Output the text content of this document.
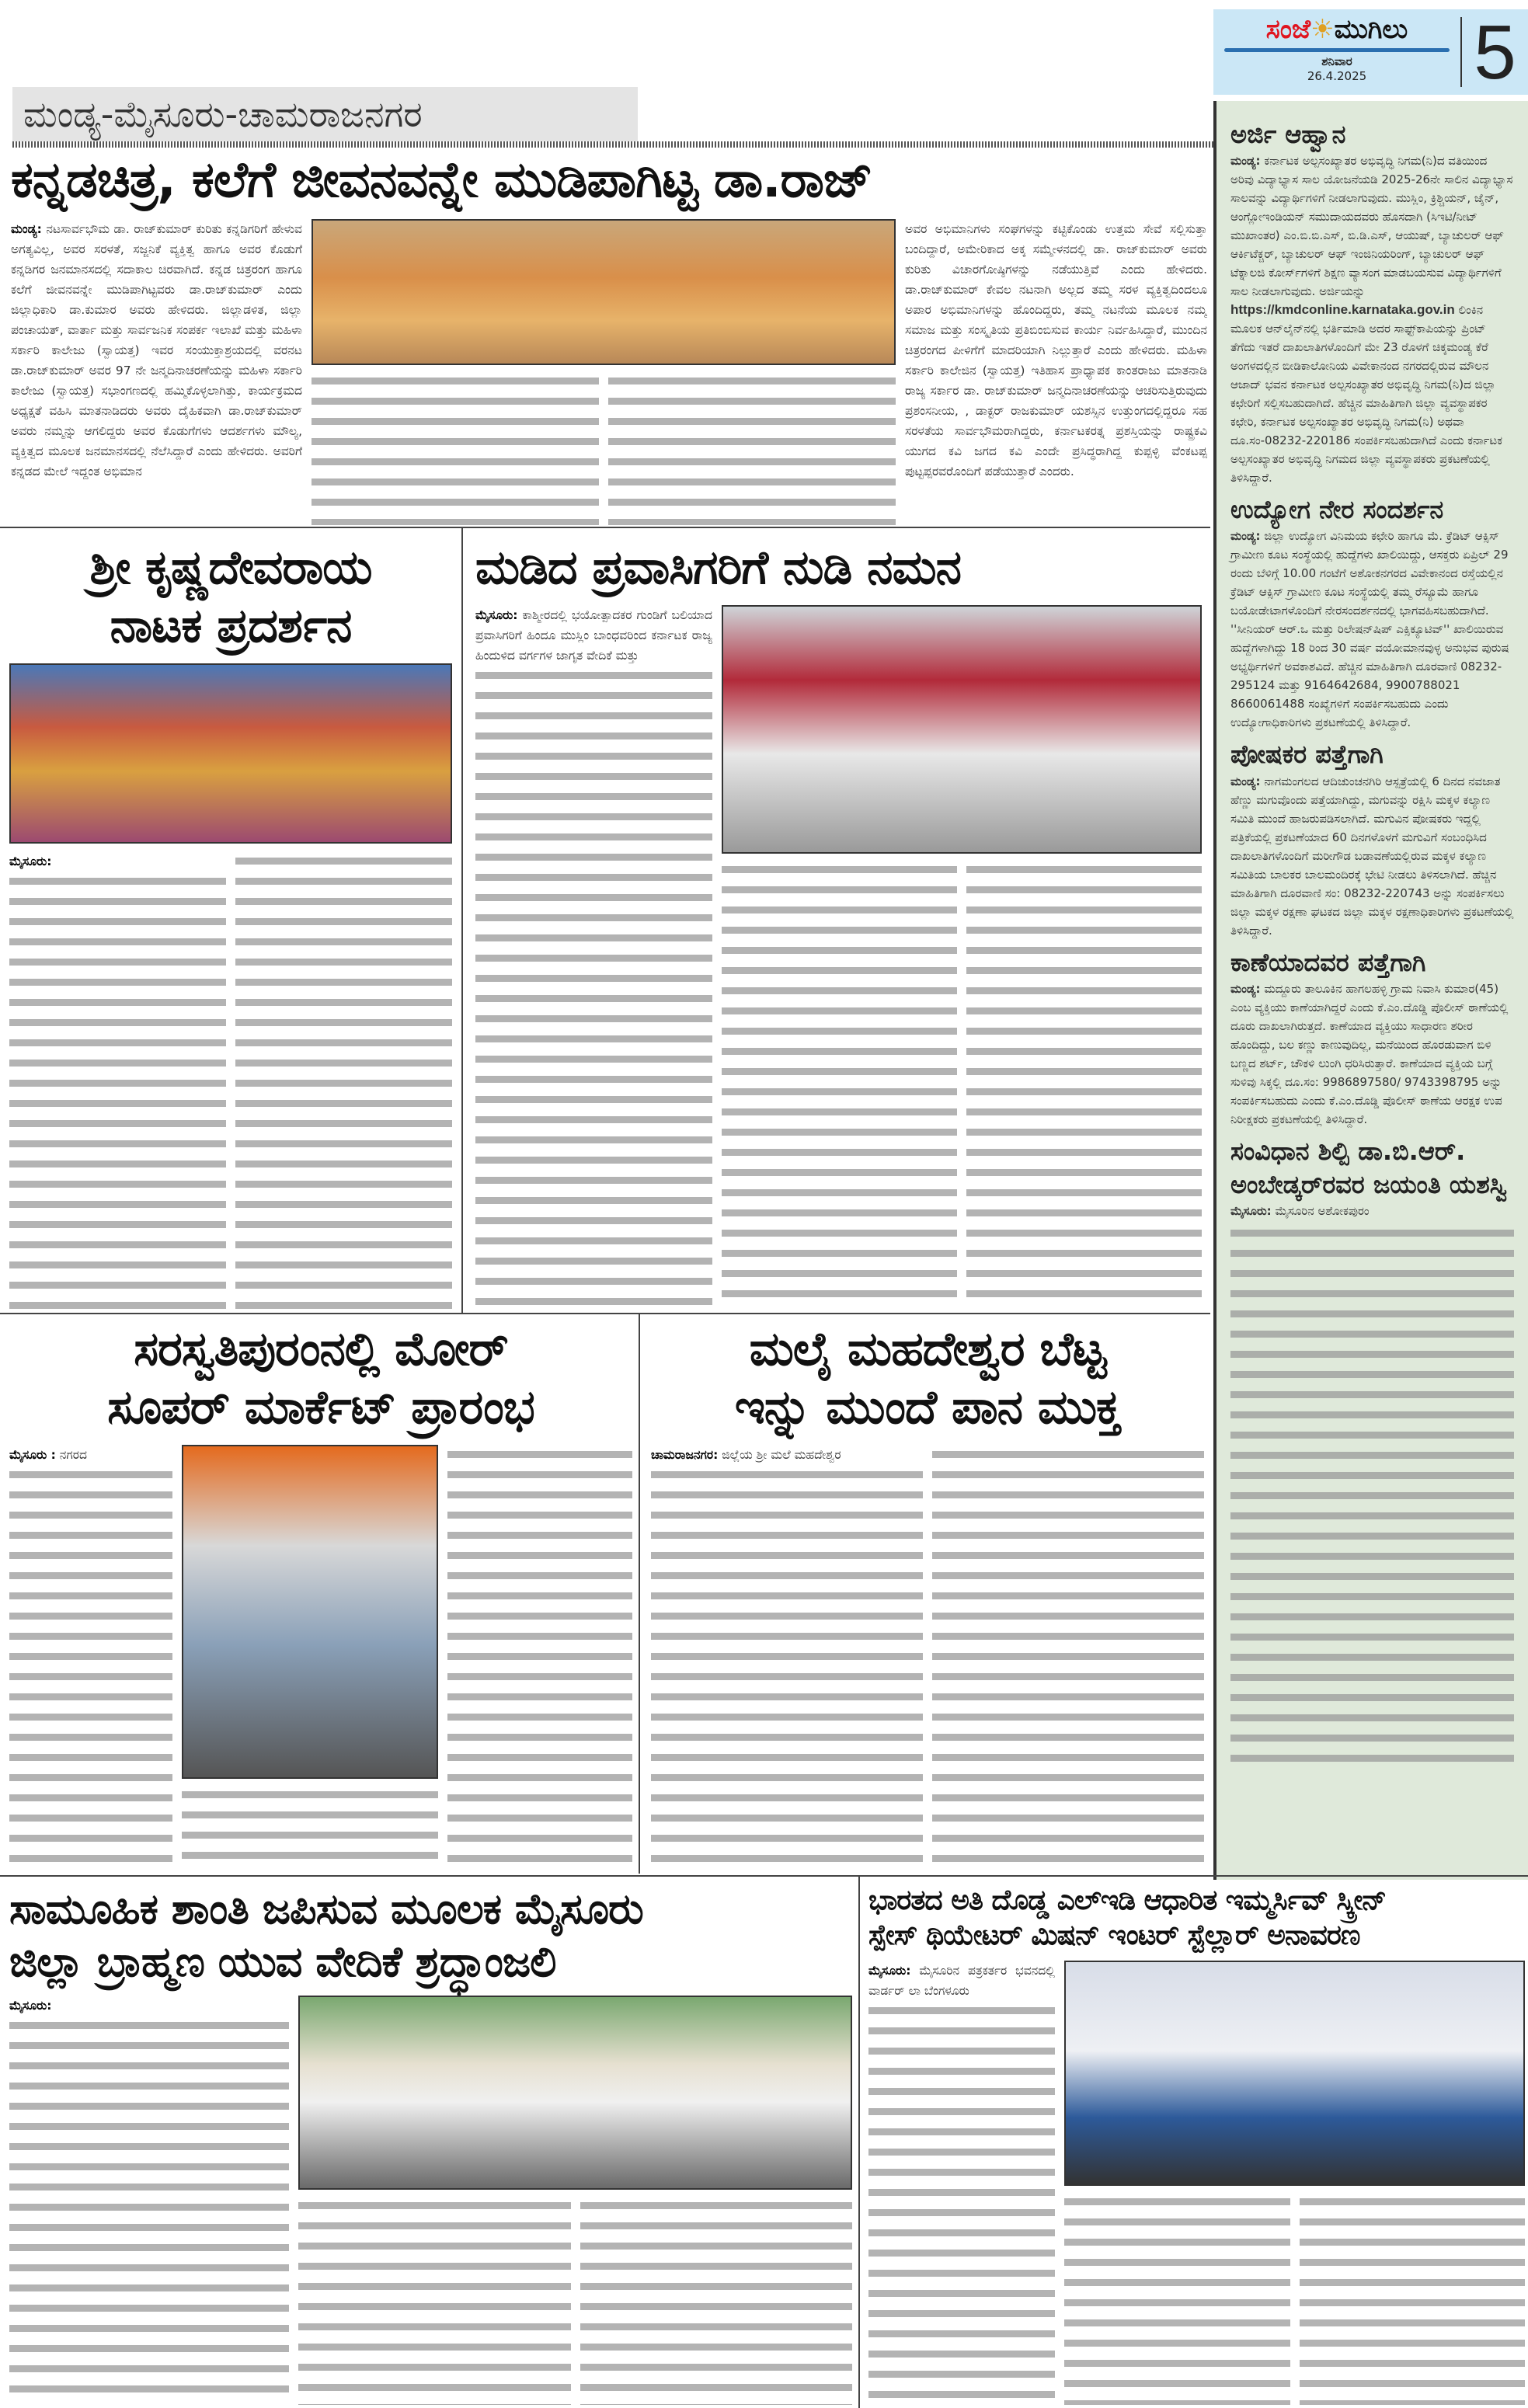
ಮಂಡ್ಯ-ಮೈಸೂರು-ಚಾಮರಾಜನಗರ
ಸಂಜೆ☀ಮುಗಿಲು
ಶನಿವಾರ
26.4.2025 5
ಕನ್ನಡಚಿತ್ರ, ಕಲೆಗೆ ಜೀವನವನ್ನೇ ಮುಡಿಪಾಗಿಟ್ಟ ಡಾ.ರಾಜ್
ಮಂಡ್ಯ: ನಟಸಾರ್ವಭೌಮ ಡಾ. ರಾಜ್‌ಕುಮಾರ್ ಕುರಿತು ಕನ್ನಡಿಗರಿಗೆ ಹೇಳುವ ಅಗತ್ಯವಿಲ್ಲ, ಅವರ ಸರಳತೆ, ಸಜ್ಜನಿಕೆ ವ್ಯಕ್ತಿತ್ವ ಹಾಗೂ ಅವರ ಕೊಡುಗೆ ಕನ್ನಡಿಗರ ಜನಮಾನಸದಲ್ಲಿ ಸದಾಕಾಲ ಚಿರವಾಗಿದೆ. ಕನ್ನಡ ಚಿತ್ರರಂಗ ಹಾಗೂ ಕಲೆಗೆ ಜೀವನವನ್ನೇ ಮುಡಿಪಾಗಿಟ್ಟವರು ಡಾ.ರಾಜ್‌ಕುಮಾರ್ ಎಂದು ಜಿಲ್ಲಾಧಿಕಾರಿ ಡಾ.ಕುಮಾರ ಅವರು ಹೇಳಿದರು. ಜಿಲ್ಲಾಡಳಿತ, ಜಿಲ್ಲಾ ಪಂಚಾಯತ್, ವಾರ್ತಾ ಮತ್ತು ಸಾರ್ವಜನಿಕ ಸಂಪರ್ಕ ಇಲಾಖೆ ಮತ್ತು ಮಹಿಳಾ ಸರ್ಕಾರಿ ಕಾಲೇಜು (ಸ್ವಾಯತ್ತ) ಇವರ ಸಂಯುಕ್ತಾಶ್ರಯದಲ್ಲಿ ವರನಟ ಡಾ.ರಾಜ್‌ಕುಮಾರ್ ಅವರ 97 ನೇ ಜನ್ಮದಿನಾಚರಣೆಯನ್ನು ಮಹಿಳಾ ಸರ್ಕಾರಿ ಕಾಲೇಜು (ಸ್ವಾಯತ್ತ) ಸಭಾಂಗಣದಲ್ಲಿ ಹಮ್ಮಿಕೊಳ್ಳಲಾಗಿತ್ತು, ಕಾರ್ಯಕ್ರಮದ ಅಧ್ಯಕ್ಷತೆ ವಹಿಸಿ ಮಾತನಾಡಿದರು ಅವರು ದೈಹಿಕವಾಗಿ ಡಾ.ರಾಜ್‌ಕುಮಾರ್ ಅವರು ನಮ್ಮನ್ನು ಆಗಲಿದ್ದರು ಅವರ ಕೊಡುಗೆಗಳು ಆದರ್ಶಗಳು ಮೌಲ್ಯ, ವ್ಯಕ್ತಿತ್ವದ ಮೂಲಕ ಜನಮಾನಸದಲ್ಲಿ ನೆಲೆಸಿದ್ದಾರೆ ಎಂದು ಹೇಳಿದರು. ಅವರಿಗೆ ಕನ್ನಡದ ಮೇಲೆ ಇದ್ದಂತ ಅಭಿಮಾನ
ಅವರ ಅಭಿಮಾನಿಗಳು ಸಂಘಗಳನ್ನು ಕಟ್ಟಿಕೊಂಡು ಉತ್ತಮ ಸೇವೆ ಸಲ್ಲಿಸುತ್ತಾ ಬಂದಿದ್ದಾರೆ, ಅಮೇರಿಕಾದ ಅಕ್ಕ ಸಮ್ಮೇಳನದಲ್ಲಿ ಡಾ. ರಾಜ್‌ಕುಮಾರ್ ಅವರು ಕುರಿತು ವಿಚಾರಗೋಷ್ಠಿಗಳನ್ನು ನಡೆಯುತ್ತಿವೆ ಎಂದು ಹೇಳಿದರು. ಡಾ.ರಾಜ್‌ಕುಮಾರ್ ಕೇವಲ ನಟನಾಗಿ ಅಲ್ಲದ ತಮ್ಮ ಸರಳ ವ್ಯಕ್ತಿತ್ವದಿಂದಲೂ ಅಪಾರ ಅಭಿಮಾನಿಗಳನ್ನು ಹೊಂದಿದ್ದರು, ತಮ್ಮ ನಟನೆಯ ಮೂಲಕ ನಮ್ಮ ಸಮಾಜ ಮತ್ತು ಸಂಸ್ಕೃತಿಯ ಪ್ರತಿಬಿಂಬಿಸುವ ಕಾರ್ಯ ನಿರ್ವಹಿಸಿದ್ದಾರೆ, ಮುಂದಿನ ಚಿತ್ರರಂಗದ ಪೀಳಿಗೆಗೆ ಮಾದರಿಯಾಗಿ ನಿಲ್ಲುತ್ತಾರೆ ಎಂದು ಹೇಳಿದರು. ಮಹಿಳಾ ಸರ್ಕಾರಿ ಕಾಲೇಜಿನ (ಸ್ವಾಯತ್ತ) ಇತಿಹಾಸ ಪ್ರಾಧ್ಯಾಪಕ ಕಾಂತರಾಜು ಮಾತನಾಡಿ ರಾಜ್ಯ ಸರ್ಕಾರ ಡಾ. ರಾಜ್‌ಕುಮಾರ್ ಜನ್ಮದಿನಾಚರಣೆಯನ್ನು ಆಚರಿಸುತ್ತಿರುವುದು ಪ್ರಶಂಸನೀಯ, , ಡಾಕ್ಟರ್ ರಾಜಕುಮಾರ್ ಯಶಸ್ಸಿನ ಉತ್ತುಂಗದಲ್ಲಿದ್ದರೂ ಸಹ ಸರಳತೆಯ ಸಾರ್ವಭೌಮರಾಗಿದ್ದರು, ಕರ್ನಾಟಕರತ್ನ ಪ್ರಶಸ್ತಿಯನ್ನು ರಾಷ್ಟ್ರಕವಿ ಯುಗದ ಕವಿ ಜಗದ ಕವಿ ಎಂದೇ ಪ್ರಸಿದ್ಧರಾಗಿದ್ದ ಕುಪ್ಪಳ್ಳಿ ವೆಂಕಟಪ್ಪ ಪುಟ್ಟಪ್ಪರವರೊಂದಿಗೆ ಪಡೆಯುತ್ತಾರೆ ಎಂದರು.
ಅರ್ಜಿ ಆಹ್ವಾನ
ಮಂಡ್ಯ: ಕರ್ನಾಟಕ ಅಲ್ಪಸಂಖ್ಯಾತರ ಅಭಿವೃದ್ಧಿ ನಿಗಮ(ನಿ)ದ ವತಿಯಿಂದ ಅರಿವು ವಿದ್ಯಾಭ್ಯಾಸ ಸಾಲ ಯೋಜನೆಯಡಿ 2025-26ನೇ ಸಾಲಿನ ವಿದ್ಯಾಭ್ಯಾಸ ಸಾಲವನ್ನು ವಿದ್ಯಾರ್ಥಿಗಳಿಗೆ ನೀಡಲಾಗುವುದು. ಮುಸ್ಲಿಂ, ಕ್ರಿಶ್ಚಿಯನ್, ಜೈನ್, ಆಂಗ್ಲೋಇಂಡಿಯನ್ ಸಮುದಾಯದವರು ಹೊಸದಾಗಿ (ಸಿಇಟಿ/ನೀಟ್ ಮುಖಾಂತರ) ಎಂ.ಬಿ.ಬಿ.ಎಸ್, ಬಿ.ಡಿ.ಎಸ್, ಆಯುಷ್, ಬ್ಯಾಚುಲರ್ ಆಫ್ ಆರ್ಕಿಟೆಕ್ಚರ್, ಬ್ಯಾಚುಲರ್ ಆಫ್ ಇಂಜಿನಿಯರಿಂಗ್, ಬ್ಯಾಚುಲರ್ ಆಫ್ ಟೆಕ್ನಾಲಜಿ ಕೋರ್ಸ್‌ಗಳಿಗೆ ಶಿಕ್ಷಣ ವ್ಯಾಸಂಗ ಮಾಡಬಯಸುವ ವಿದ್ಯಾರ್ಥಿಗಳಿಗೆ ಸಾಲ ನೀಡಲಾಗುವುದು. ಅರ್ಜಿಯನ್ನು https://kmdconline.karnataka.gov.in ಲಿಂಕಿನ ಮೂಲಕ ಆನ್‌ಲೈನ್‌ನಲ್ಲಿ ಭರ್ತಿಮಾಡಿ ಅದರ ಸಾಫ್ಟ್‌ಕಾಪಿಯನ್ನು ಪ್ರಿಂಟ್ ತೆಗೆದು ಇತರೆ ದಾಖಲಾತಿಗಳೊಂದಿಗೆ ಮೇ 23 ರೊಳಗೆ ಚಿಕ್ಕಮಂಡ್ಯ ಕೆರೆ ಅಂಗಳದಲ್ಲಿನ ಬೀಡಿಕಾಲೋನಿಯ ವಿವೇಕಾನಂದ ನಗರದಲ್ಲಿರುವ ಮೌಲನ ಆಜಾದ್ ಭವನ ಕರ್ನಾಟಕ ಅಲ್ಪಸಂಖ್ಯಾತರ ಅಭಿವೃದ್ಧಿ ನಿಗಮ(ನಿ)ದ ಜಿಲ್ಲಾ ಕಛೇರಿಗೆ ಸಲ್ಲಿಸಬಹುದಾಗಿದೆ. ಹೆಚ್ಚಿನ ಮಾಹಿತಿಗಾಗಿ ಜಿಲ್ಲಾ ವ್ಯವಸ್ಥಾಪಕರ ಕಛೇರಿ, ಕರ್ನಾಟಕ ಅಲ್ಪಸಂಖ್ಯಾತರ ಅಭಿವೃದ್ಧಿ ನಿಗಮ(ನಿ) ಅಥವಾ ದೂ.ಸಂ-08232-220186 ಸಂಪರ್ಕಿಸಬಹುದಾಗಿದೆ ಎಂದು ಕರ್ನಾಟಕ ಅಲ್ಪಸಂಖ್ಯಾತರ ಅಭಿವೃದ್ಧಿ ನಿಗಮದ ಜಿಲ್ಲಾ ವ್ಯವಸ್ಥಾಪಕರು ಪ್ರಕಟಣೆಯಲ್ಲಿ ತಿಳಿಸಿದ್ದಾರೆ.
ಉದ್ಯೋಗ ನೇರ ಸಂದರ್ಶನ
ಮಂಡ್ಯ: ಜಿಲ್ಲಾ ಉದ್ಯೋಗ ವಿನಿಮಯ ಕಛೇರಿ ಹಾಗೂ ಮೆ. ಕ್ರೆಡಿಟ್ ಆಕ್ಸಿಸ್ ಗ್ರಾಮೀಣ ಕೂಟ ಸಂಸ್ಥೆಯಲ್ಲಿ ಹುದ್ದೆಗಳು ಖಾಲಿಯಿದ್ದು, ಆಸಕ್ತರು ಏಪ್ರಿಲ್ 29 ರಂದು ಬೆಳಿಗ್ಗೆ 10.00 ಗಂಟೆಗೆ ಅಶೋಕನಗರದ ವಿವೇಕಾನಂದ ರಸ್ತೆಯಲ್ಲಿನ ಕ್ರೆಡಿಟ್ ಆಕ್ಸಿಸ್ ಗ್ರಾಮೀಣ ಕೂಟ ಸಂಸ್ಥೆಯಲ್ಲಿ ತಮ್ಮ ರೆಸ್ಯೂಮೆ ಹಾಗೂ ಬಯೋಡೇಟಾಗಳೊಂದಿಗೆ ನೇರಸಂದರ್ಶನದಲ್ಲಿ ಭಾಗವಹಿಸಬಹುದಾಗಿದೆ. ''ಸೀನಿಯರ್ ಆರ್.ಒ ಮತ್ತು ರಿಲೇಷನ್‌ಷಿಪ್ ಎಕ್ಸಿಕ್ಯೂಟಿವ್'' ಖಾಲಿಯಿರುವ ಹುದ್ದೆಗಳಾಗಿದ್ದು 18 ರಿಂದ 30 ವರ್ಷ ವಯೋಮಾನವುಳ್ಳ ಅನುಭವ ಪುರುಷ ಅಭ್ಯರ್ಥಿಗಳಿಗೆ ಅವಕಾಶವಿದೆ. ಹೆಚ್ಚಿನ ಮಾಹಿತಿಗಾಗಿ ದೂರವಾಣಿ 08232-295124 ಮತ್ತು 9164642684, 9900788021 8660061488 ಸಂಖ್ಯೆಗಳಿಗೆ ಸಂಪರ್ಕಿಸಬಹುದು ಎಂದು ಉದ್ಯೋಗಾಧಿಕಾರಿಗಳು ಪ್ರಕಟಣೆಯಲ್ಲಿ ತಿಳಿಸಿದ್ದಾರೆ.
ಪೋಷಕರ ಪತ್ತೆಗಾಗಿ
ಮಂಡ್ಯ: ನಾಗಮಂಗಲದ ಆದಿಚುಂಚನಗಿರಿ ಆಸ್ಪತ್ರೆಯಲ್ಲಿ 6 ದಿನದ ನವಜಾತ ಹೆಣ್ಣು ಮಗುವೊಂದು ಪತ್ತೆಯಾಗಿದ್ದು, ಮಗುವನ್ನು ರಕ್ಷಿಸಿ ಮಕ್ಕಳ ಕಲ್ಯಾಣ ಸಮಿತಿ ಮುಂದೆ ಹಾಜರುಪಡಿಸಲಾಗಿದೆ. ಮಗುವಿನ ಪೋಷಕರು ಇದ್ದಲ್ಲಿ ಪತ್ರಿಕೆಯಲ್ಲಿ ಪ್ರಕಟಣೆಯಾದ 60 ದಿನಗಳೊಳಗೆ ಮಗುವಿಗೆ ಸಂಬಂಧಿಸಿದ ದಾಖಲಾತಿಗಳೊಂದಿಗೆ ಮರೀಗೌಡ ಬಡಾವಣೆಯಲ್ಲಿರುವ ಮಕ್ಕಳ ಕಲ್ಯಾಣ ಸಮಿತಿಯ ಬಾಲಕರ ಬಾಲಮಂದಿರಕ್ಕೆ ಭೇಟಿ ನೀಡಲು ತಿಳಿಸಲಾಗಿದೆ. ಹೆಚ್ಚಿನ ಮಾಹಿತಿಗಾಗಿ ದೂರವಾಣಿ ಸಂ: 08232-220743 ಅನ್ನು ಸಂಪರ್ಕಿಸಲು ಜಿಲ್ಲಾ ಮಕ್ಕಳ ರಕ್ಷಣಾ ಘಟಕದ ಜಿಲ್ಲಾ ಮಕ್ಕಳ ರಕ್ಷಣಾಧಿಕಾರಿಗಳು ಪ್ರಕಟಣೆಯಲ್ಲಿ ತಿಳಿಸಿದ್ದಾರೆ.
ಕಾಣೆಯಾದವರ ಪತ್ತೆಗಾಗಿ
ಮಂಡ್ಯ: ಮದ್ದೂರು ತಾಲೂಕಿನ ಹಾಗಲಹಳ್ಳಿ ಗ್ರಾಮ ನಿವಾಸಿ ಕುಮಾರ(45) ಎಂಬ ವ್ಯಕ್ತಿಯು ಕಾಣೆಯಾಗಿದ್ದರೆ ಎಂದು ಕೆ.ಎಂ.ದೊಡ್ಡಿ ಪೊಲೀಸ್ ಠಾಣೆಯಲ್ಲಿ ದೂರು ದಾಖಲಾಗಿರುತ್ತದೆ. ಕಾಣೆಯಾದ ವ್ಯಕ್ತಿಯು ಸಾಧಾರಣ ಶರೀರ ಹೊಂದಿದ್ದು, ಬಲ ಕಣ್ಣು ಕಾಣುವುದಿಲ್ಲ, ಮನೆಯಿಂದ ಹೊರಡುವಾಗ ಬಿಳಿ ಬಣ್ಣದ ಶರ್ಟ್, ಚೌಕಳಿ ಲುಂಗಿ ಧರಿಸಿರುತ್ತಾರೆ. ಕಾಣೆಯಾದ ವ್ಯಕ್ತಿಯ ಬಗ್ಗೆ ಸುಳಿವು ಸಿಕ್ಕಲ್ಲಿ ದೂ.ಸಂ: 9986897580/ 9743398795 ಅನ್ನು ಸಂಪರ್ಕಿಸಬಹುದು ಎಂದು ಕೆ.ಎಂ.ದೊಡ್ಡಿ ಪೊಲೀಸ್ ಠಾಣೆಯ ಆರಕ್ಷಕ ಉಪ ನಿರೀಕ್ಷಕರು ಪ್ರಕಟಣೆಯಲ್ಲಿ ತಿಳಿಸಿದ್ದಾರೆ.
ಸಂವಿಧಾನ ಶಿಲ್ಪಿ ಡಾ.ಬಿ.ಆರ್. ಅಂಬೇಡ್ಕರ್‌ರವರ ಜಯಂತಿ ಯಶಸ್ವಿ
ಮೈಸೂರು: ಮೈಸೂರಿನ ಅಶೋಕಪುರಂ
ಶ್ರೀ ಕೃಷ್ಣದೇವರಾಯ
ನಾಟಕ ಪ್ರದರ್ಶನ
ಮೈಸೂರು:
ಮಡಿದ ಪ್ರವಾಸಿಗರಿಗೆ ನುಡಿ ನಮನ
ಮೈಸೂರು: ಕಾಶ್ಮೀರದಲ್ಲಿ ಭಯೋತ್ಪಾದಕರ ಗುಂಡಿಗೆ ಬಲಿಯಾದ ಪ್ರವಾಸಿಗರಿಗೆ ಹಿಂದೂ ಮುಸ್ಲಿಂ ಬಾಂಧವರಿಂದ ಕರ್ನಾಟಕ ರಾಜ್ಯ ಹಿಂದುಳಿದ ವರ್ಗಗಳ ಜಾಗೃತ ವೇದಿಕೆ ಮತ್ತು
ಸರಸ್ವತಿಪುರಂನಲ್ಲಿ ಮೋರ್
ಸೂಪರ್ ಮಾರ್ಕೆಟ್ ಪ್ರಾರಂಭ
ಮೈಸೂರು : ನಗರದ
ಮಲೈ ಮಹದೇಶ್ವರ ಬೆಟ್ಟ
ಇನ್ನು ಮುಂದೆ ಪಾನ ಮುಕ್ತ
ಚಾಮರಾಜನಗರ: ಜಿಲ್ಲೆಯ ಶ್ರೀ ಮಲೆ ಮಹದೇಶ್ವರ
ಸಾಮೂಹಿಕ ಶಾಂತಿ ಜಪಿಸುವ ಮೂಲಕ ಮೈಸೂರು
ಜಿಲ್ಲಾ ಬ್ರಾಹ್ಮಣ ಯುವ ವೇದಿಕೆ ಶ್ರದ್ಧಾಂಜಲಿ
ಮೈಸೂರು:
ಭಾರತದ ಅತಿ ದೊಡ್ಡ ಎಲ್‌ಇಡಿ ಆಧಾರಿತ ಇಮ್ಮರ್ಸಿವ್ ಸ್ಕ್ರೀನ್
ಸ್ಪೇಸ್ ಥಿಯೇಟರ್ ಮಿಷನ್ ಇಂಟರ್ ಸ್ಟೆಲ್ಲಾರ್ ಅನಾವರಣ
ಮೈಸೂರು: ಮೈಸೂರಿನ ಪತ್ರಕರ್ತರ ಭವನದಲ್ಲಿ ವಾರ್ಡರ್ ಲಾ ಬೆಂಗಳೂರು
